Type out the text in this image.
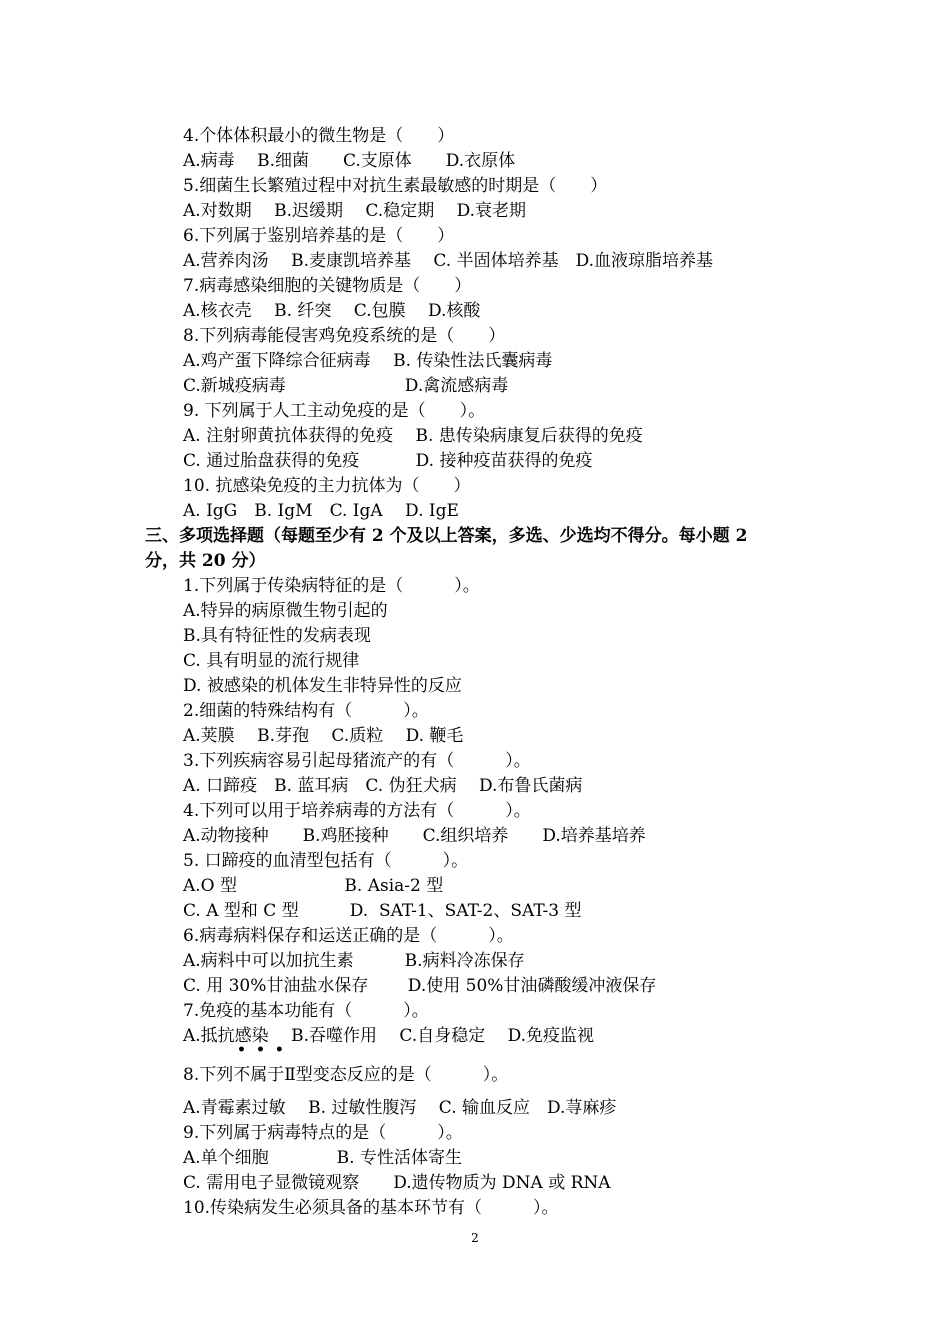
4.个体体积最小的微生物是（　　）
A.病毒　 B.细菌　　C.支原体　　D.衣原体
5.细菌生长繁殖过程中对抗生素最敏感的时期是（　　）
A.对数期　 B.迟缓期　 C.稳定期　 D.衰老期
6.下列属于鉴别培养基的是（　　）
A.营养肉汤　 B.麦康凯培养基　 C. 半固体培养基　D.血液琼脂培养基
7.病毒感染细胞的关键物质是（　　）
A.核衣壳　 B. 纤突　 C.包膜　 D.核酸
8.下列病毒能侵害鸡免疫系统的是（　　）
A.鸡产蛋下降综合征病毒　 B. 传染性法氏囊病毒
C.新城疫病毒　　　　　　　D.禽流感病毒
9. 下列属于人工主动免疫的是（　　）。
A. 注射卵黄抗体获得的免疫　 B. 患传染病康复后获得的免疫
C. 通过胎盘获得的免疫　　　 D. 接种疫苗获得的免疫
10. 抗感染免疫的主力抗体为（　　）
A. IgG　B. IgM　C. IgA　 D. IgE
三、多项选择题（每题至少有 2 个及以上答案，多选、少选均不得分。每小题 2
分，共 20 分）
1.下列属于传染病特征的是（　　　）。
A.特异的病原微生物引起的
B.具有特征性的发病表现
C. 具有明显的流行规律
D. 被感染的机体发生非特异性的反应
2.细菌的特殊结构有（　　　）。
A.荚膜　 B.芽孢　 C.质粒　 D. 鞭毛
3.下列疾病容易引起母猪流产的有（　　　）。
A. 口蹄疫　B. 蓝耳病　C. 伪狂犬病　 D.布鲁氏菌病
4.下列可以用于培养病毒的方法有（　　　）。
A.动物接种　　B.鸡胚接种　　C.组织培养　　D.培养基培养
5. 口蹄疫的血清型包括有（　　　）。
A.O 型　　　　　　 B. Asia-2 型
C. A 型和 C 型　　　D.  SAT-1、SAT-2、SAT-3 型
6.病毒病料保存和运送正确的是（　　　）。
A.病料中可以加抗生素　　　B.病料冷冻保存
C. 用 30%甘油盐水保存　　 D.使用 50%甘油磷酸缓冲液保存
7.免疫的基本功能有（　　　）。
A.抵抗感染　 B.吞噬作用　 C.自身稳定　 D.免疫监视
•••
8.下列不属于Ⅱ型变态反应的是（　　　）。
A.青霉素过敏　 B. 过敏性腹泻　 C. 输血反应　D.荨麻疹
9.下列属于病毒特点的是（　　　）。
A.单个细胞　　　　B. 专性活体寄生
C. 需用电子显微镜观察　　D.遗传物质为 DNA 或 RNA
10.传染病发生必须具备的基本环节有（　　　）。
2
